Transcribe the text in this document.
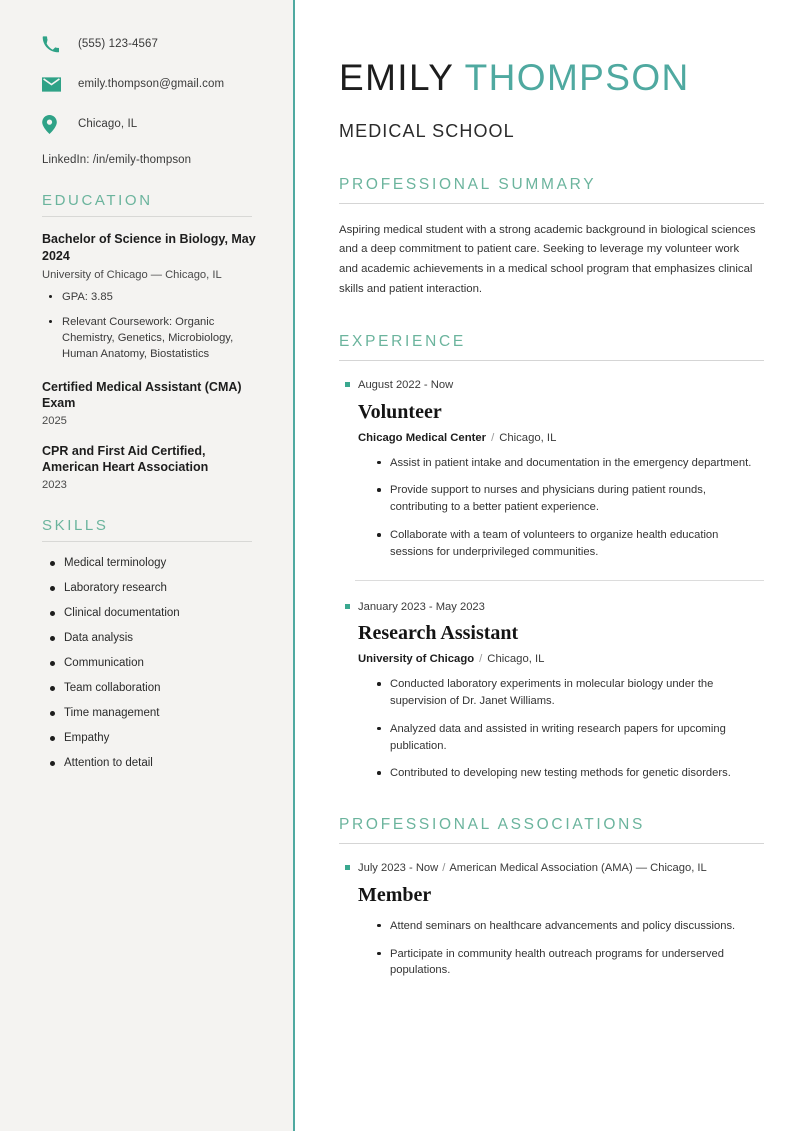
(555) 123-4567
emily.thompson@gmail.com
Chicago, IL
LinkedIn: /in/emily-thompson
EDUCATION

Bachelor of Science in Biology, May 2024

University of Chicago — Chicago, IL
GPA: 3.85
Relevant Coursework: Organic Chemistry, Genetics, Microbiology, Human Anatomy, Biostatistics

Certified Medical Assistant (CMA) Exam

2025

CPR and First Aid Certified, American Heart Association

2023
SKILLS
Medical terminology
Laboratory research
Clinical documentation
Data analysis
Communication
Team collaboration
Time management
Empathy
Attention to detail
EMILY THOMPSON

MEDICAL SCHOOL

PROFESSIONAL SUMMARY

Aspiring medical student with a strong academic background in biological sciences and a deep commitment to patient care. Seeking to leverage my volunteer work and academic achievements in a medical school program that emphasizes clinical skills and patient interaction.

EXPERIENCE
August 2022 - Now
Volunteer
Chicago Medical Center / Chicago, IL
Assist in patient intake and documentation in the emergency department.
Provide support to nurses and physicians during patient rounds, contributing to a better patient experience.
Collaborate with a team of volunteers to organize health education sessions for underprivileged communities.
January 2023 - May 2023
Research Assistant
University of Chicago / Chicago, IL
Conducted laboratory experiments in molecular biology under the supervision of Dr. Janet Williams.
Analyzed data and assisted in writing research papers for upcoming publication.
Contributed to developing new testing methods for genetic disorders.
PROFESSIONAL ASSOCIATIONS
July 2023 - Now / American Medical Association (AMA) — Chicago, IL
Member
Attend seminars on healthcare advancements and policy discussions.
Participate in community health outreach programs for underserved populations.
